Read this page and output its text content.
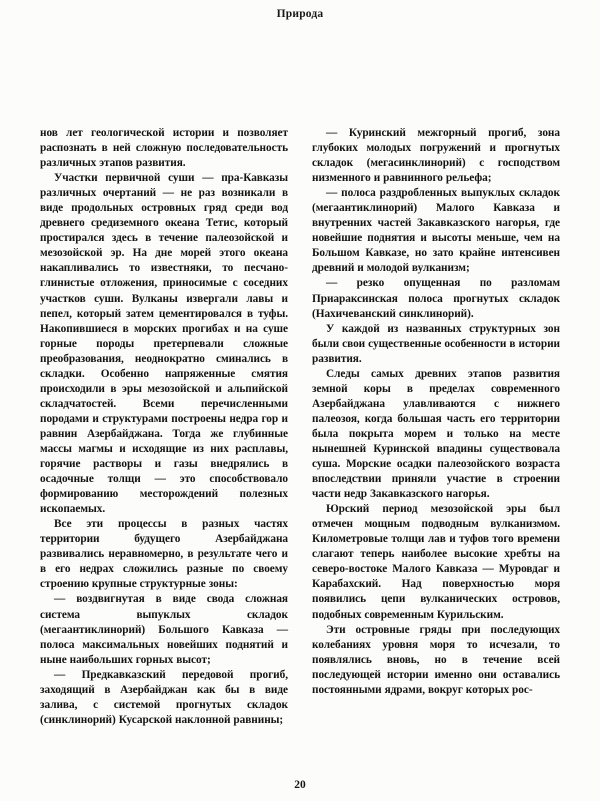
Природа

нов лет геологической истории и позволяет распознать в ней сложную последовательность различных этапов развития.

Участки первичной суши — пра-Кавказы различных очертаний — не раз возникали в виде продольных островных гряд среди вод древнего средиземного океана Тетис, который простирался здесь в течение палеозойской и мезозойской эр. На дне морей этого океана накапливались то известняки, то песчано-глинистые отложения, приносимые с соседних участков суши. Вулканы извергали лавы и пепел, который затем цементировался в туфы. Накопившиеся в морских прогибах и на суше горные породы претерпевали сложные преобразования, неоднократно сминались в складки. Особенно напряженные смятия происходили в эры мезозойской и альпийской складчатостей. Всеми перечисленными породами и структурами построены недра гор и равнин Азербайджана. Тогда же глубинные массы магмы и исходящие из них расплавы, горячие растворы и газы внедрялись в осадочные толщи — это способствовало формированию месторождений полезных ископаемых.

Все эти процессы в разных частях территории будущего Азербайджана развивались неравномерно, в результате чего и в его недрах сложились разные по своему строению крупные структурные зоны:

— воздвигнутая в виде свода сложная система выпуклых складок (мегаантиклинорий) Большого Кавказа — полоса максимальных новейших поднятий и ныне наибольших горных высот;

— Предкавказский передовой прогиб, заходящий в Азербайджан как бы в виде залива, с системой прогнутых складок (синклинорий) Кусарской наклонной равнины;

— Куринский межгорный прогиб, зона глубоких молодых погружений и прогнутых складок (мегасинклинорий) с господством низменного и равнинного рельефа;

— полоса раздробленных выпуклых складок (мегаантиклинорий) Малого Кавказа и внутренних частей Закавказского нагорья, где новейшие поднятия и высоты меньше, чем на Большом Кавказе, но зато крайне интенсивен древний и молодой вулканизм;

— резко опущенная по разломам Приараксинская полоса прогнутых складок (Нахичеванский синклинорий).

У каждой из названных структурных зон были свои существенные особенности в истории развития.

Следы самых древних этапов развития земной коры в пределах современного Азербайджана улавливаются с нижнего палеозоя, когда большая часть его территории была покрыта морем и только на месте нынешней Куринской впадины существовала суша. Морские осадки палеозойского возраста впоследствии приняли участие в строении части недр Закавказского нагорья.

Юрский период мезозойской эры был отмечен мощным подводным вулканизмом. Километровые толщи лав и туфов того времени слагают теперь наиболее высокие хребты на северо-востоке Малого Кавказа — Муровдаг и Карабахский. Над поверхностью моря появились цепи вулканических островов, подобных современным Курильским.

Эти островные гряды при последующих колебаниях уровня моря то исчезали, то появлялись вновь, но в течение всей последующей истории именно они оставались постоянными ядрами, вокруг которых рос-

20
